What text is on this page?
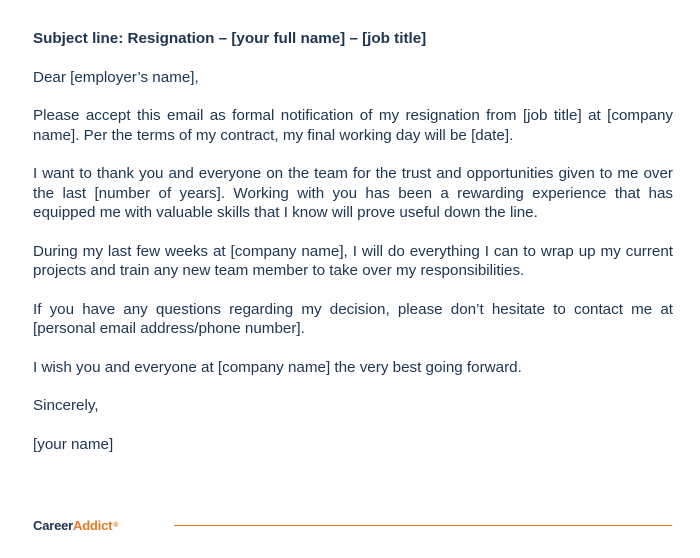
Subject line: Resignation – [your full name] – [job title]

Dear [employer’s name],

Please accept this email as formal notification of my resignation from [job title] at [company name]. Per the terms of my contract, my final working day will be [date].

I want to thank you and everyone on the team for the trust and opportunities given to me over the last [number of years]. Working with you has been a rewarding experience that has equipped me with valuable skills that I know will prove useful down the line.

During my last few weeks at [company name], I will do everything I can to wrap up my current projects and train any new team member to take over my responsibilities.

If you have any questions regarding my decision, please don’t hesitate to contact me at [personal email address/phone number].

I wish you and everyone at [company name] the very best going forward.

Sincerely,

[your name]

CareerAddict®
